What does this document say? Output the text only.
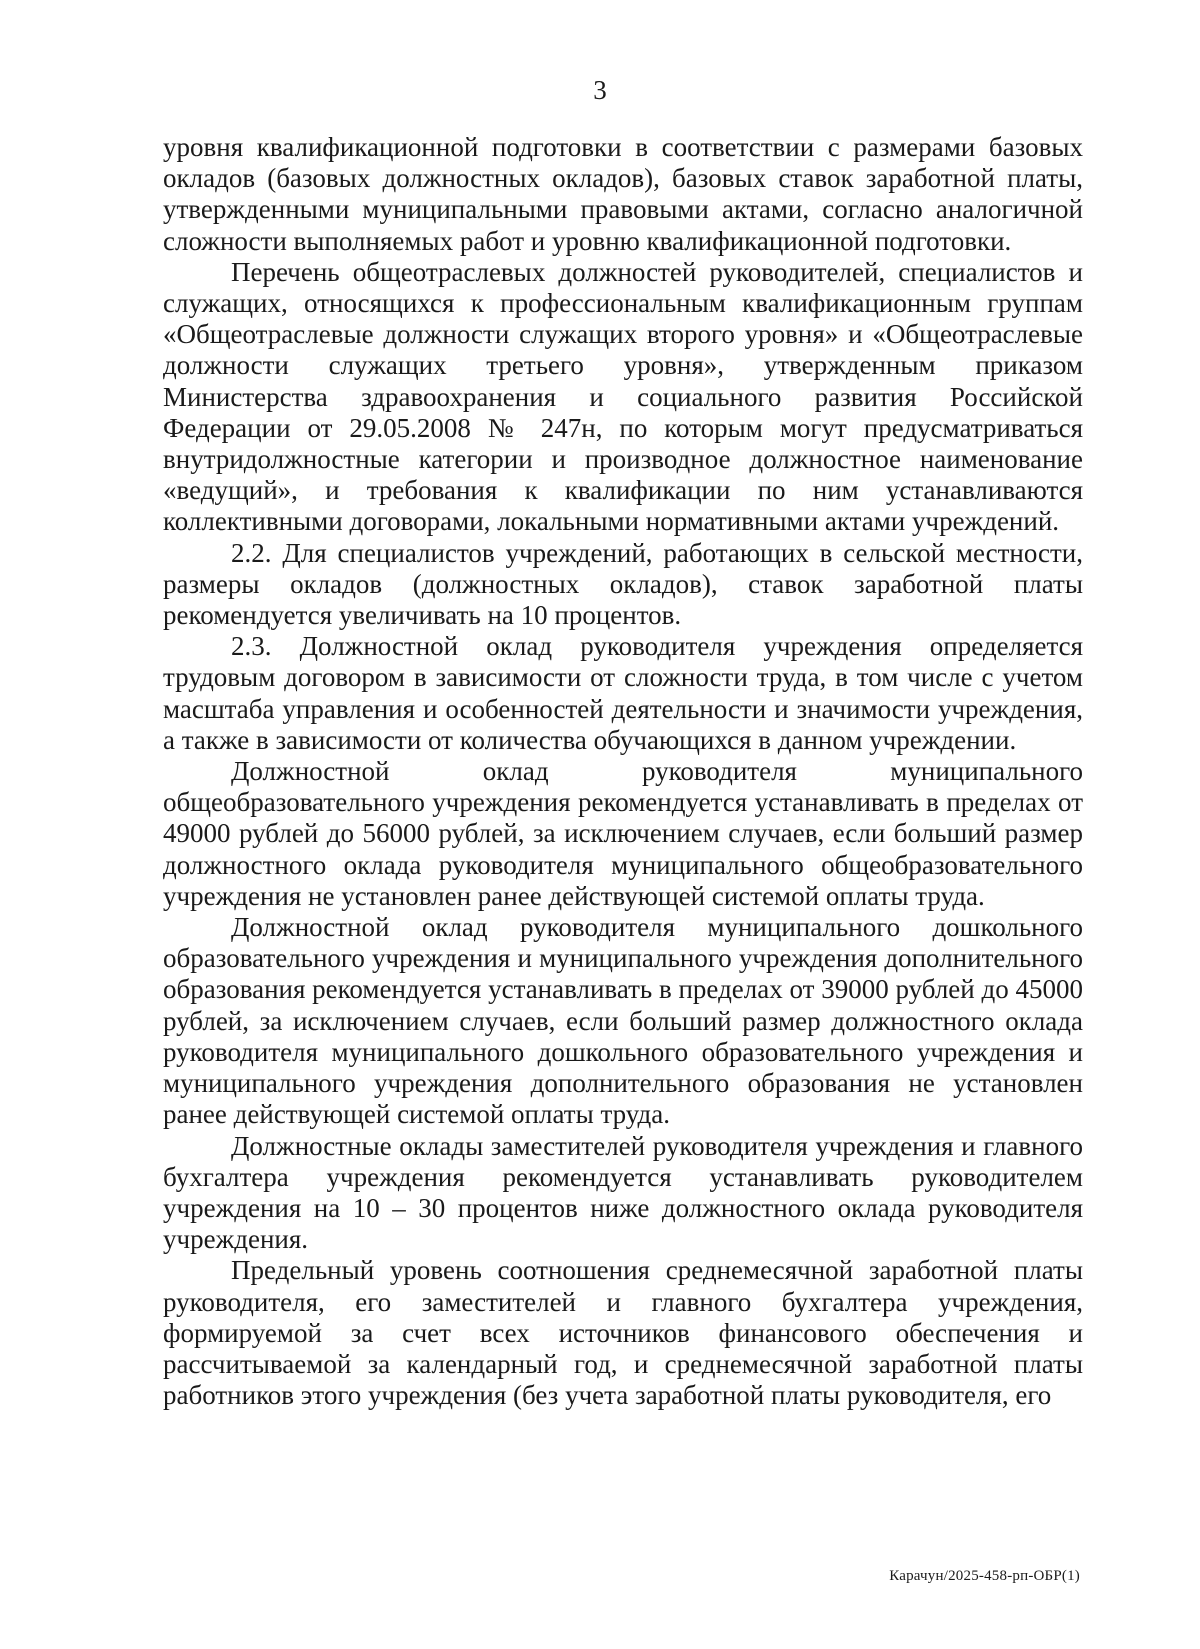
3

уровня квалификационной подготовки в соответствии с размерами базовых окладов (базовых должностных окладов), базовых ставок заработной платы, утвержденными муниципальными правовыми актами, согласно аналогичной сложности выполняемых работ и уровню квалификационной подготовки.

Перечень общеотраслевых должностей руководителей, специалистов и служащих, относящихся к профессиональным квалификационным группам «Общеотраслевые должности служащих второго уровня» и «Общеотраслевые должности служащих третьего уровня», утвержденным приказом Министерства здравоохранения и социального развития Российской Федерации от 29.05.2008 № 247н, по которым могут предусматриваться внутридолжностные категории и производное должностное наименование «ведущий», и требования к квалификации по ним устанавливаются коллективными договорами, локальными нормативными актами учреждений.

2.2. Для специалистов учреждений, работающих в сельской местности, размеры окладов (должностных окладов), ставок заработной платы рекомендуется увеличивать на 10 процентов.

2.3. Должностной оклад руководителя учреждения определяется трудовым договором в зависимости от сложности труда, в том числе с учетом масштаба управления и особенностей деятельности и значимости учреждения, а также в зависимости от количества обучающихся в данном учреждении.

Должностной оклад руководителя муниципального общеобразовательного учреждения рекомендуется устанавливать в пределах от 49000 рублей до 56000 рублей, за исключением случаев, если больший размер должностного оклада руководителя муниципального общеобразовательного учреждения не установлен ранее действующей системой оплаты труда.

Должностной оклад руководителя муниципального дошкольного образовательного учреждения и муниципального учреждения дополнительного образования рекомендуется устанавливать в пределах от 39000 рублей до 45000 рублей, за исключением случаев, если больший размер должностного оклада руководителя муниципального дошкольного образовательного учреждения и муниципального учреждения дополнительного образования не установлен ранее действующей системой оплаты труда.

Должностные оклады заместителей руководителя учреждения и главного бухгалтера учреждения рекомендуется устанавливать руководителем учреждения на 10 – 30 процентов ниже должностного оклада руководителя учреждения.

Предельный уровень соотношения среднемесячной заработной платы руководителя, его заместителей и главного бухгалтера учреждения, формируемой за счет всех источников финансового обеспечения и рассчитываемой за календарный год, и среднемесячной заработной платы работников этого учреждения (без учета заработной платы руководителя, его

Карачун/2025-458-рп-ОБР(1)
